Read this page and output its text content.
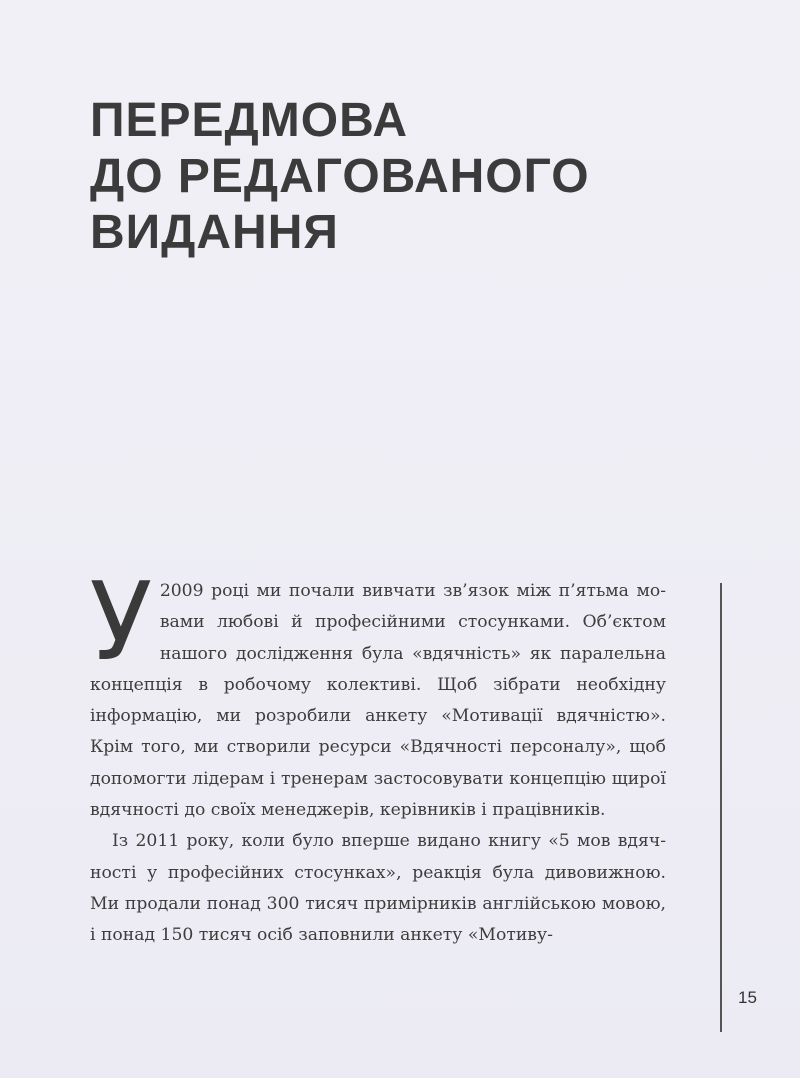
ПЕРЕДМОВА
ДО РЕДАГОВАНОГО
ВИДАННЯ

У 2009 році ми почали вивчати зв’язок між п’ятьма мовами любові й професійними стосунками. Об’єктом нашого дослідження була «вдячність» як паралельна концепція в робочому колективі. Щоб зібрати необхідну інформацію, ми розробили анкету «Мотивації вдячністю». Крім того, ми створили ресурси «Вдячності персоналу», щоб допомогти лідерам і тренерам застосовувати концепцію щирої вдячності до своїх менеджерів, керівників і працівників.

Із 2011 року, коли було вперше видано книгу «5 мов вдячності у професійних стосунках», реакція була дивовижною. Ми продали понад 300 тисяч примірників англійською мовою, і понад 150 тисяч осіб заповнили анкету «Мотиву-

15
